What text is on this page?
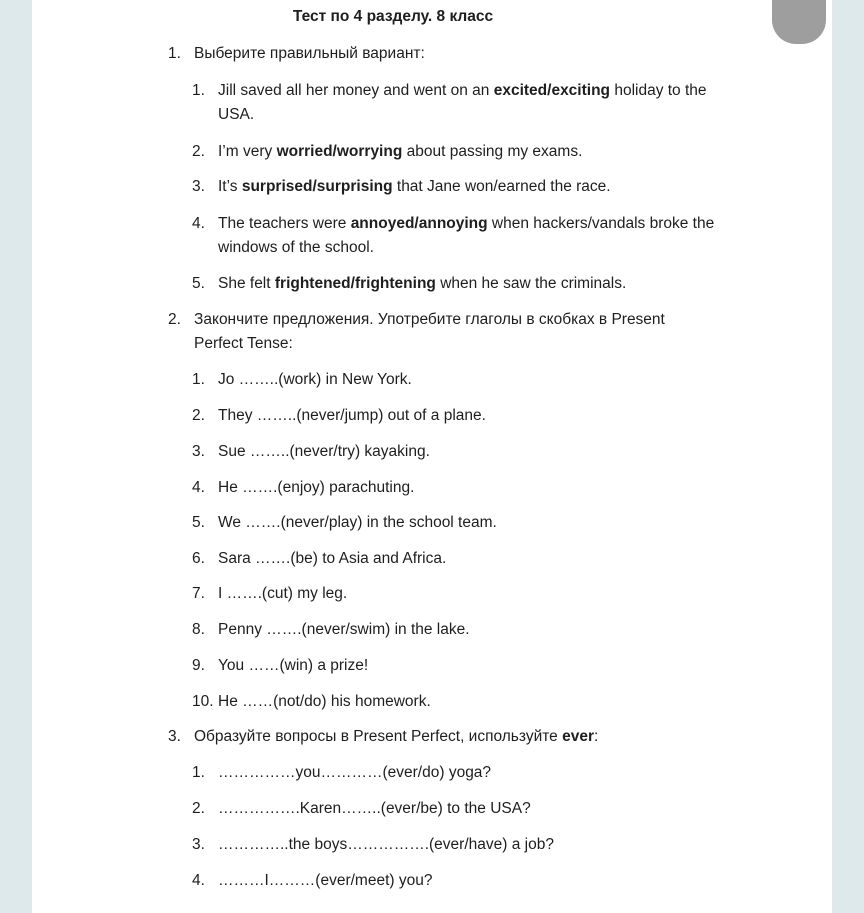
Тест по 4 разделу. 8 класс
1. Выберите правильный вариант:
1. Jill saved all her money and went on an excited/exciting holiday to the
USA.
2. I’m very worried/worrying about passing my exams.
3. It’s surprised/surprising that Jane won/earned the race.
4. The teachers were annoyed/annoying when hackers/vandals broke the
windows of the school.
5. She felt frightened/frightening when he saw the criminals.
2. Закончите предложения. Употребите глаголы в скобках в Present
Perfect Tense:
1. Jo ……..(work) in New York.
2. They ……..(never/jump) out of a plane.
3. Sue ……..(never/try) kayaking.
4. He …….(enjoy) parachuting.
5. We …….(never/play) in the school team.
6. Sara …….(be) to Asia and Africa.
7. I …….(cut) my leg.
8. Penny …….(never/swim) in the lake.
9. You ……(win) a prize!
10. He ……(not/do) his homework.
3. Образуйте вопросы в Present Perfect, используйте ever:
1. ……………you…………(ever/do) yoga?
2. …………….Karen……..(ever/be) to the USA?
3. …………..the boys…………….(ever/have) a job?
4. ………I………(ever/meet) you?
